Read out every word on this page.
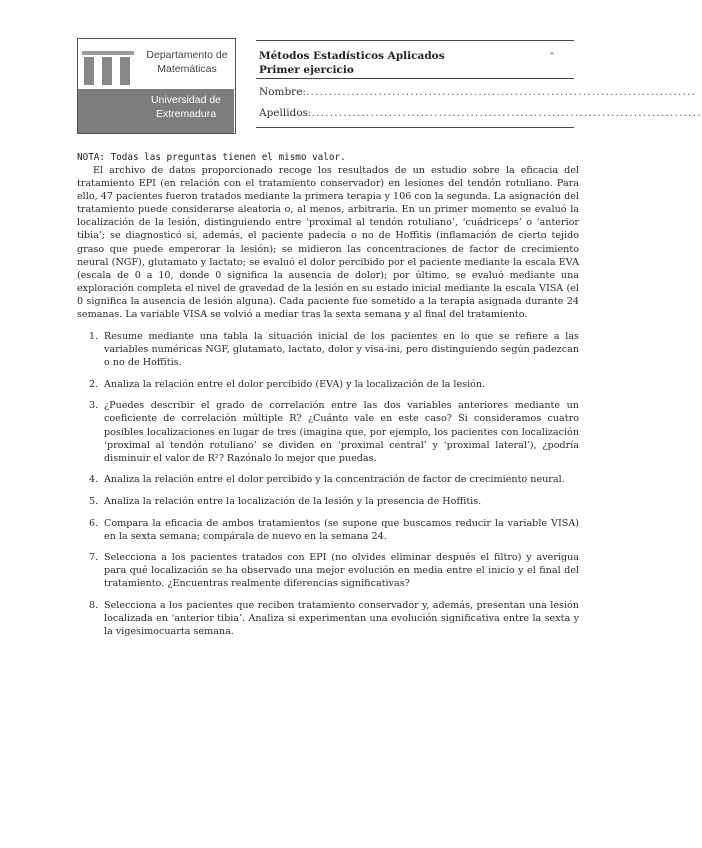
Departamento de Matemáticas
Universidad de Extremadura
Métodos Estadísticos Aplicados	^
Primer ejercicio
Nombre:......................................................................................
Apellidos:......................................................................................
NOTA: Todas las preguntas tienen el mismo valor.

El archivo de datos proporcionado recoge los resultados de un estudio sobre la eficacia del tratamiento EPI (en relación con el tratamiento conservador) en lesiones del tendón rotuliano. Para ello, 47 pacientes fueron tratados mediante la primera terapia y 106 con la segunda. La asignación del tratamiento puede considerarse aleatoria o, al menos, arbitraria. En un primer momento se evaluó la localización de la lesión, distinguiendo entre ‘proximal al tendón rotuliano’, ‘cuádriceps’ o ‘anterior tibia’; se diagnosticó si, además, el paciente padecía o no de Hoffitis (inflamación de cierto tejido graso que puede emperorar la lesión); se midieron las concentraciones de factor de crecimiento neural (NGF), glutamato y lactato; se evaluó el dolor percibido por el paciente mediante la escala EVA (escala de 0 a 10, donde 0 significa la ausencia de dolor); por último, se evaluó mediante una exploración completa el nivel de gravedad de la lesión en su estado inicial mediante la escala VISA (el 0 significa la ausencia de lesión alguna). Cada paciente fue sometido a la terapia asignada durante 24 semanas. La variable VISA se volvió a mediar tras la sexta semana y al final del tratamiento.

1. Resume mediante una tabla la situación inicial de los pacientes en lo que se refiere a las variables numéricas NGF, glutamato, lactato, dolor y visa-ini, pero distinguiendo según padezcan o no de Hoffitis.
2. Analiza la relación entre el dolor percibido (EVA) y la localización de la lesión.
3. ¿Puedes describir el grado de correlación entre las dos variables anteriores mediante un coeficiente de correlación múltiple R? ¿Cuánto vale en este caso? Si consideramos cuatro posibles localizaciones en lugar de tres (imagina que, por ejemplo, los pacientes con localización ‘proximal al tendón rotuliano’ se dividen en ‘proximal central’ y ‘proximal lateral’), ¿podría disminuir el valor de R²? Razónalo lo mejor que puedas.
4. Analiza la relación entre el dolor percibido y la concentración de factor de crecimiento neural.
5. Analiza la relación entre la localización de la lesión y la presencia de Hoffitis.
6. Compara la eficacia de ambos tratamientos (se supone que buscamos reducir la variable VISA) en la sexta semana; compárala de nuevo en la semana 24.
7. Selecciona a los pacientes tratados con EPI (no olvides eliminar después el filtro) y averigua para qué localización se ha observado una mejor evolución en media entre el inicio y el final del tratamiento. ¿Encuentras realmente diferencias significativas?
8. Selecciona a los pacientes que reciben tratamiento conservador y, además, presentan una lesión localizada en ‘anterior tibia’. Analiza si experimentan una evolución significativa entre la sexta y la vigesimocuarta semana.
